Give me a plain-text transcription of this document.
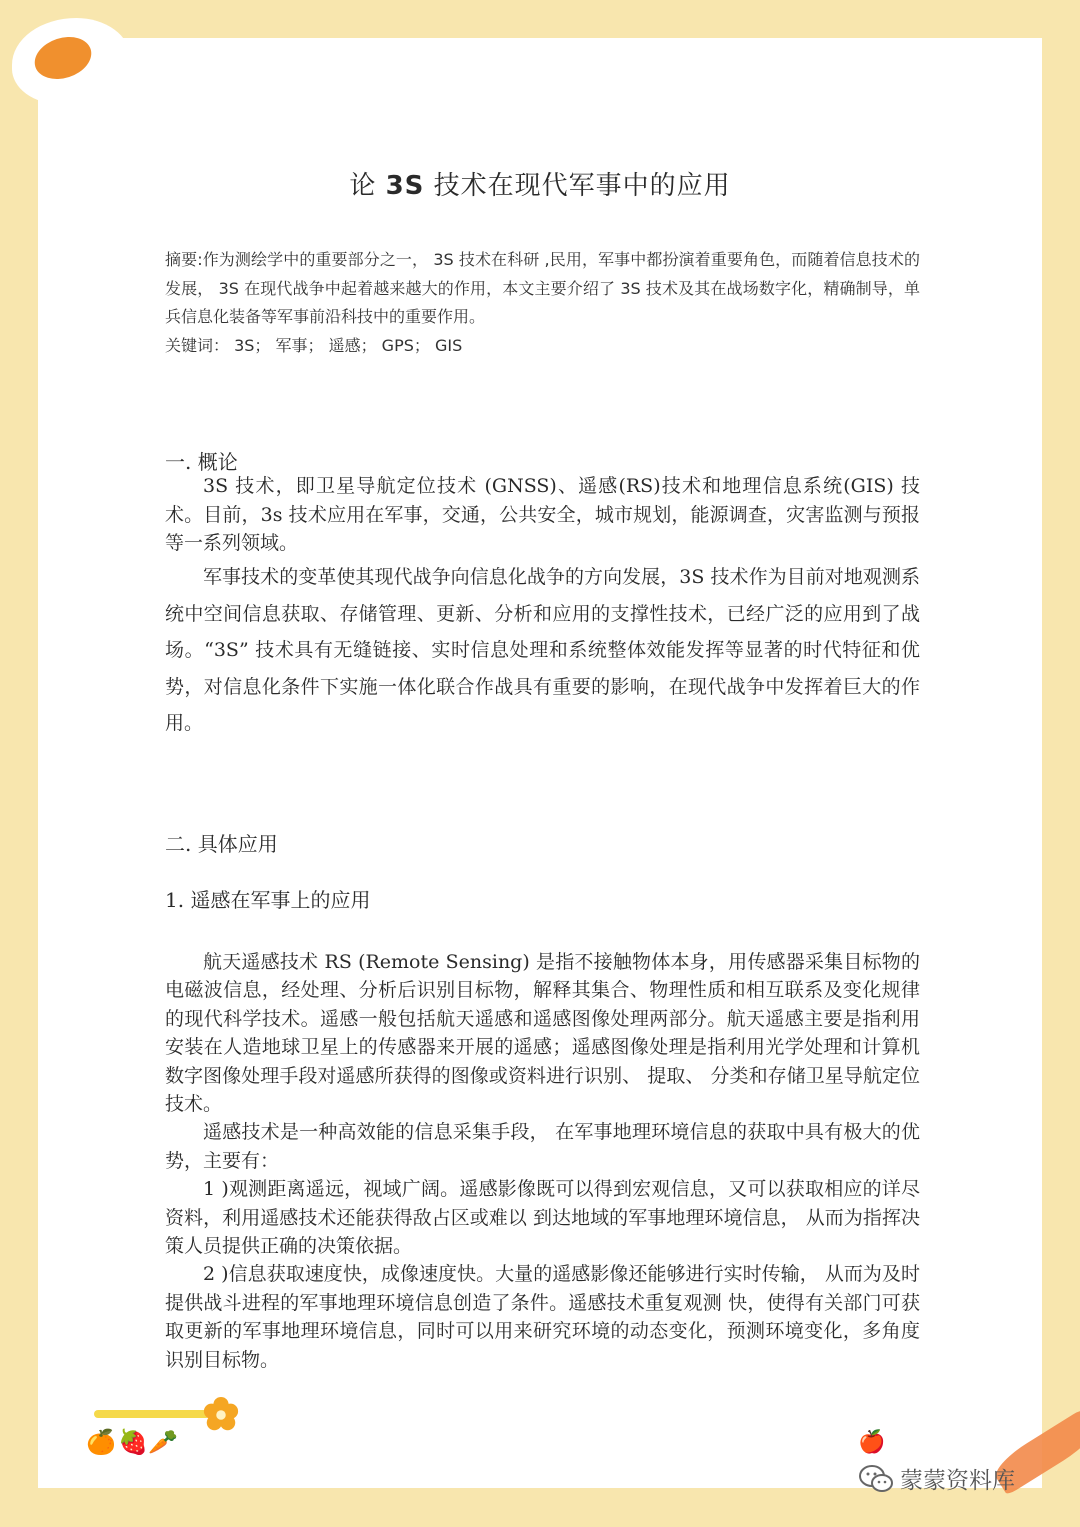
论 3S 技术在现代军事中的应用

摘要:作为测绘学中的重要部分之一， 3S 技术在科研 ,民用，军事中都扮演着重要角色，而随着信息技术的发展， 3S 在现代战争中起着越来越大的作用，本文主要介绍了 3S 技术及其在战场数字化，精确制导，单兵信息化装备等军事前沿科技中的重要作用。

关键词： 3S； 军事； 遥感； GPS； GIS

一. 概论

3S 技术，即卫星导航定位技术 (GNSS)、遥感(RS)技术和地理信息系统(GIS) 技术。目前，3s 技术应用在军事，交通，公共安全，城市规划，能源调查，灾害监测与预报等一系列领域。

军事技术的变革使其现代战争向信息化战争的方向发展，3S 技术作为目前对地观测系统中空间信息获取、存储管理、更新、分析和应用的支撑性技术，已经广泛的应用到了战场。“3S” 技术具有无缝链接、实时信息处理和系统整体效能发挥等显著的时代特征和优势，对信息化条件下实施一体化联合作战具有重要的影响，在现代战争中发挥着巨大的作用。

二. 具体应用
1. 遥感在军事上的应用

航天遥感技术 RS (Remote Sensing) 是指不接触物体本身，用传感器采集目标物的电磁波信息，经处理、分析后识别目标物，解释其集合、物理性质和相互联系及变化规律的现代科学技术。遥感一般包括航天遥感和遥感图像处理两部分。航天遥感主要是指利用安装在人造地球卫星上的传感器来开展的遥感；遥感图像处理是指利用光学处理和计算机数字图像处理手段对遥感所获得的图像或资料进行识别、 提取、 分类和存储卫星导航定位技术。

遥感技术是一种高效能的信息采集手段， 在军事地理环境信息的获取中具有极大的优势，主要有：

1 )观测距离遥远，视域广阔。遥感影像既可以得到宏观信息，又可以获取相应的详尽资料，利用遥感技术还能获得敌占区或难以 到达地域的军事地理环境信息， 从而为指挥决策人员提供正确的决策依据。

2 )信息获取速度快，成像速度快。大量的遥感影像还能够进行实时传输， 从而为及时提供战斗进程的军事地理环境信息创造了条件。遥感技术重复观测 快，使得有关部门可获取更新的军事地理环境信息，同时可以用来研究环境的动态变化，预测环境变化，多角度识别目标物。

🍊 🍓 🥕	🍎
蒙蒙资料库
